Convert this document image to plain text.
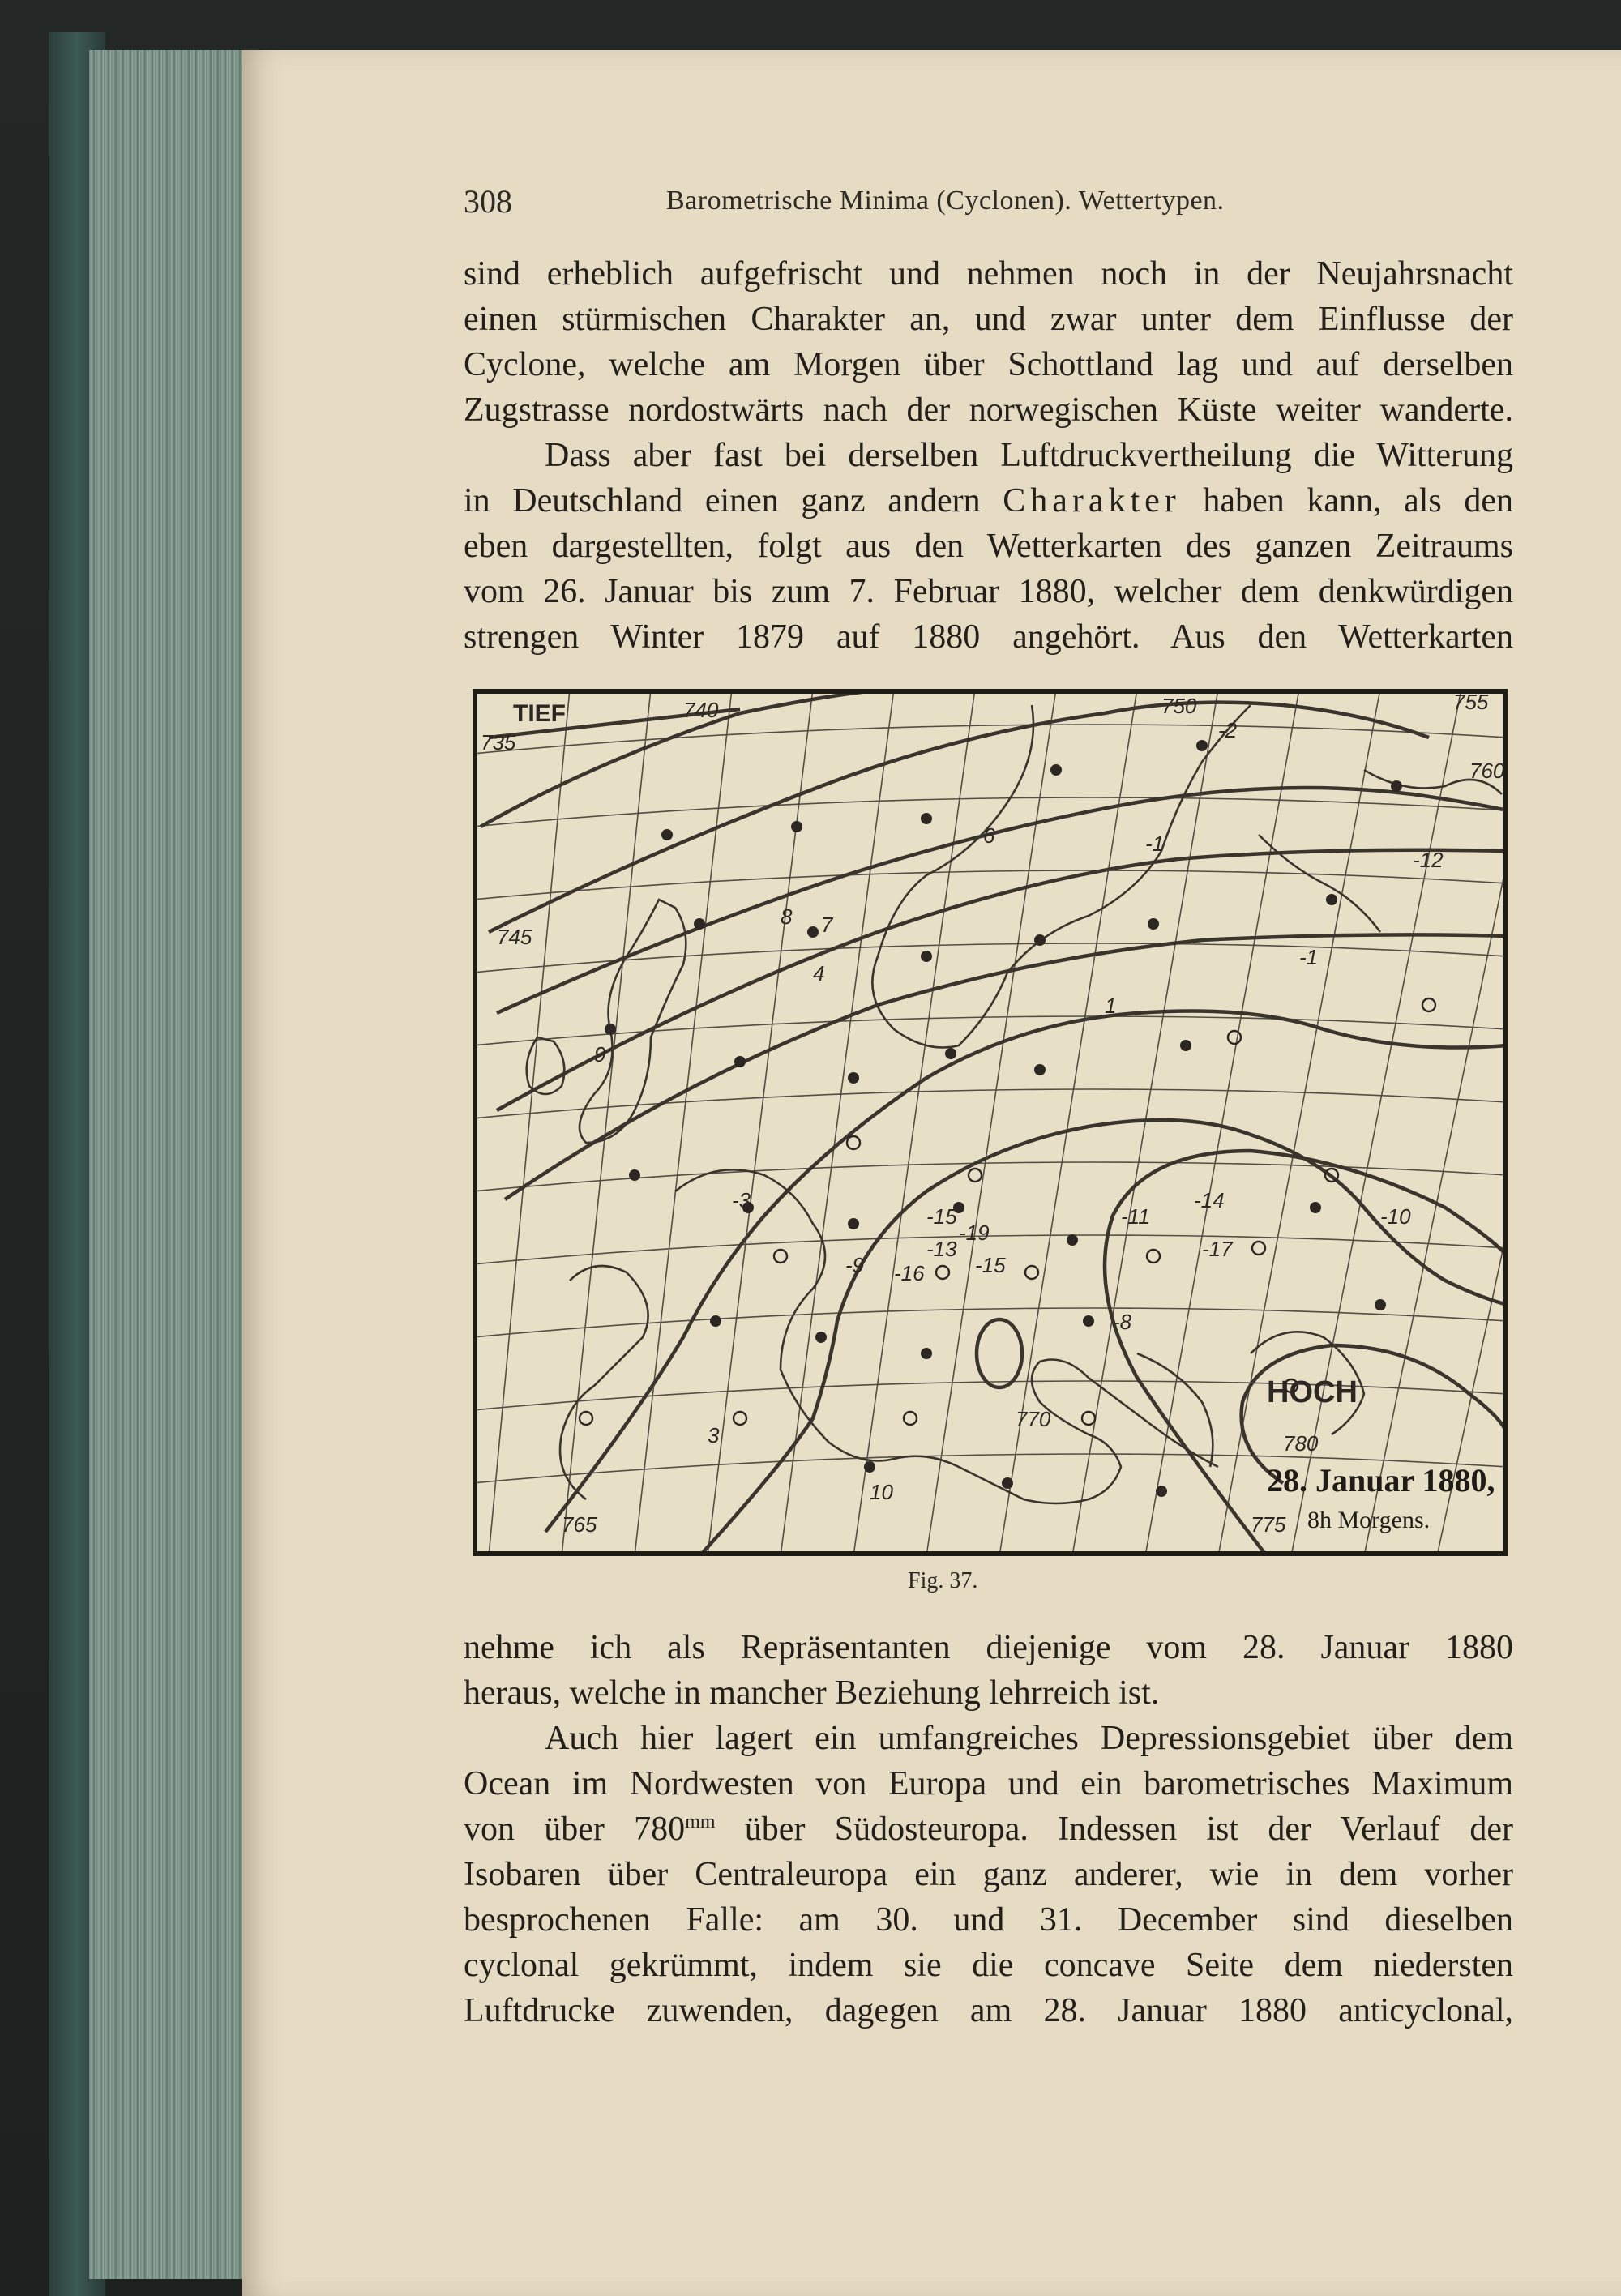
308	Barometrische Minima (Cyclonen). Wettertypen.

sind erheblich aufgefrischt und nehmen noch in der Neujahrsnacht
einen stürmischen Charakter an, und zwar unter dem Einflusse der
Cyclone, welche am Morgen über Schottland lag und auf derselben
Zugstrasse nordostwärts nach der norwegischen Küste weiter wanderte.

Dass aber fast bei derselben Luftdruckvertheilung die Witterung
in Deutschland einen ganz andern Charakter haben kann, als den
eben dargestellten, folgt aus den Wetterkarten des ganzen Zeitraums
vom 26. Januar bis zum 7. Februar 1880, welcher dem denkwürdigen
strengen Winter 1879 auf 1880 angehört. Aus den Wetterkarten

TIEF
HOCH
735
740
745
750	755
760
765
770
775
780
-2
6	-1
-12
-1
8 7
4
1
-3
-15
-19
-13
-9 -16 -15
-11
-14
-17
-10
-8
10
3
9
28. Januar 1880,
8h Morgens.
Fig. 37.

nehme ich als Repräsentanten diejenige vom 28. Januar 1880
heraus, welche in mancher Beziehung lehrreich ist.

Auch hier lagert ein umfangreiches Depressionsgebiet über dem
Ocean im Nordwesten von Europa und ein barometrisches Maximum
von über $780^{mm}$ über Südosteuropa. Indessen ist der Verlauf der
Isobaren über Centraleuropa ein ganz anderer, wie in dem vorher
besprochenen Falle: am 30. und 31. December sind dieselben
cyclonal gekrümmt, indem sie die concave Seite dem niedersten
Luftdrucke zuwenden, dagegen am 28. Januar 1880 anticyclonal,
